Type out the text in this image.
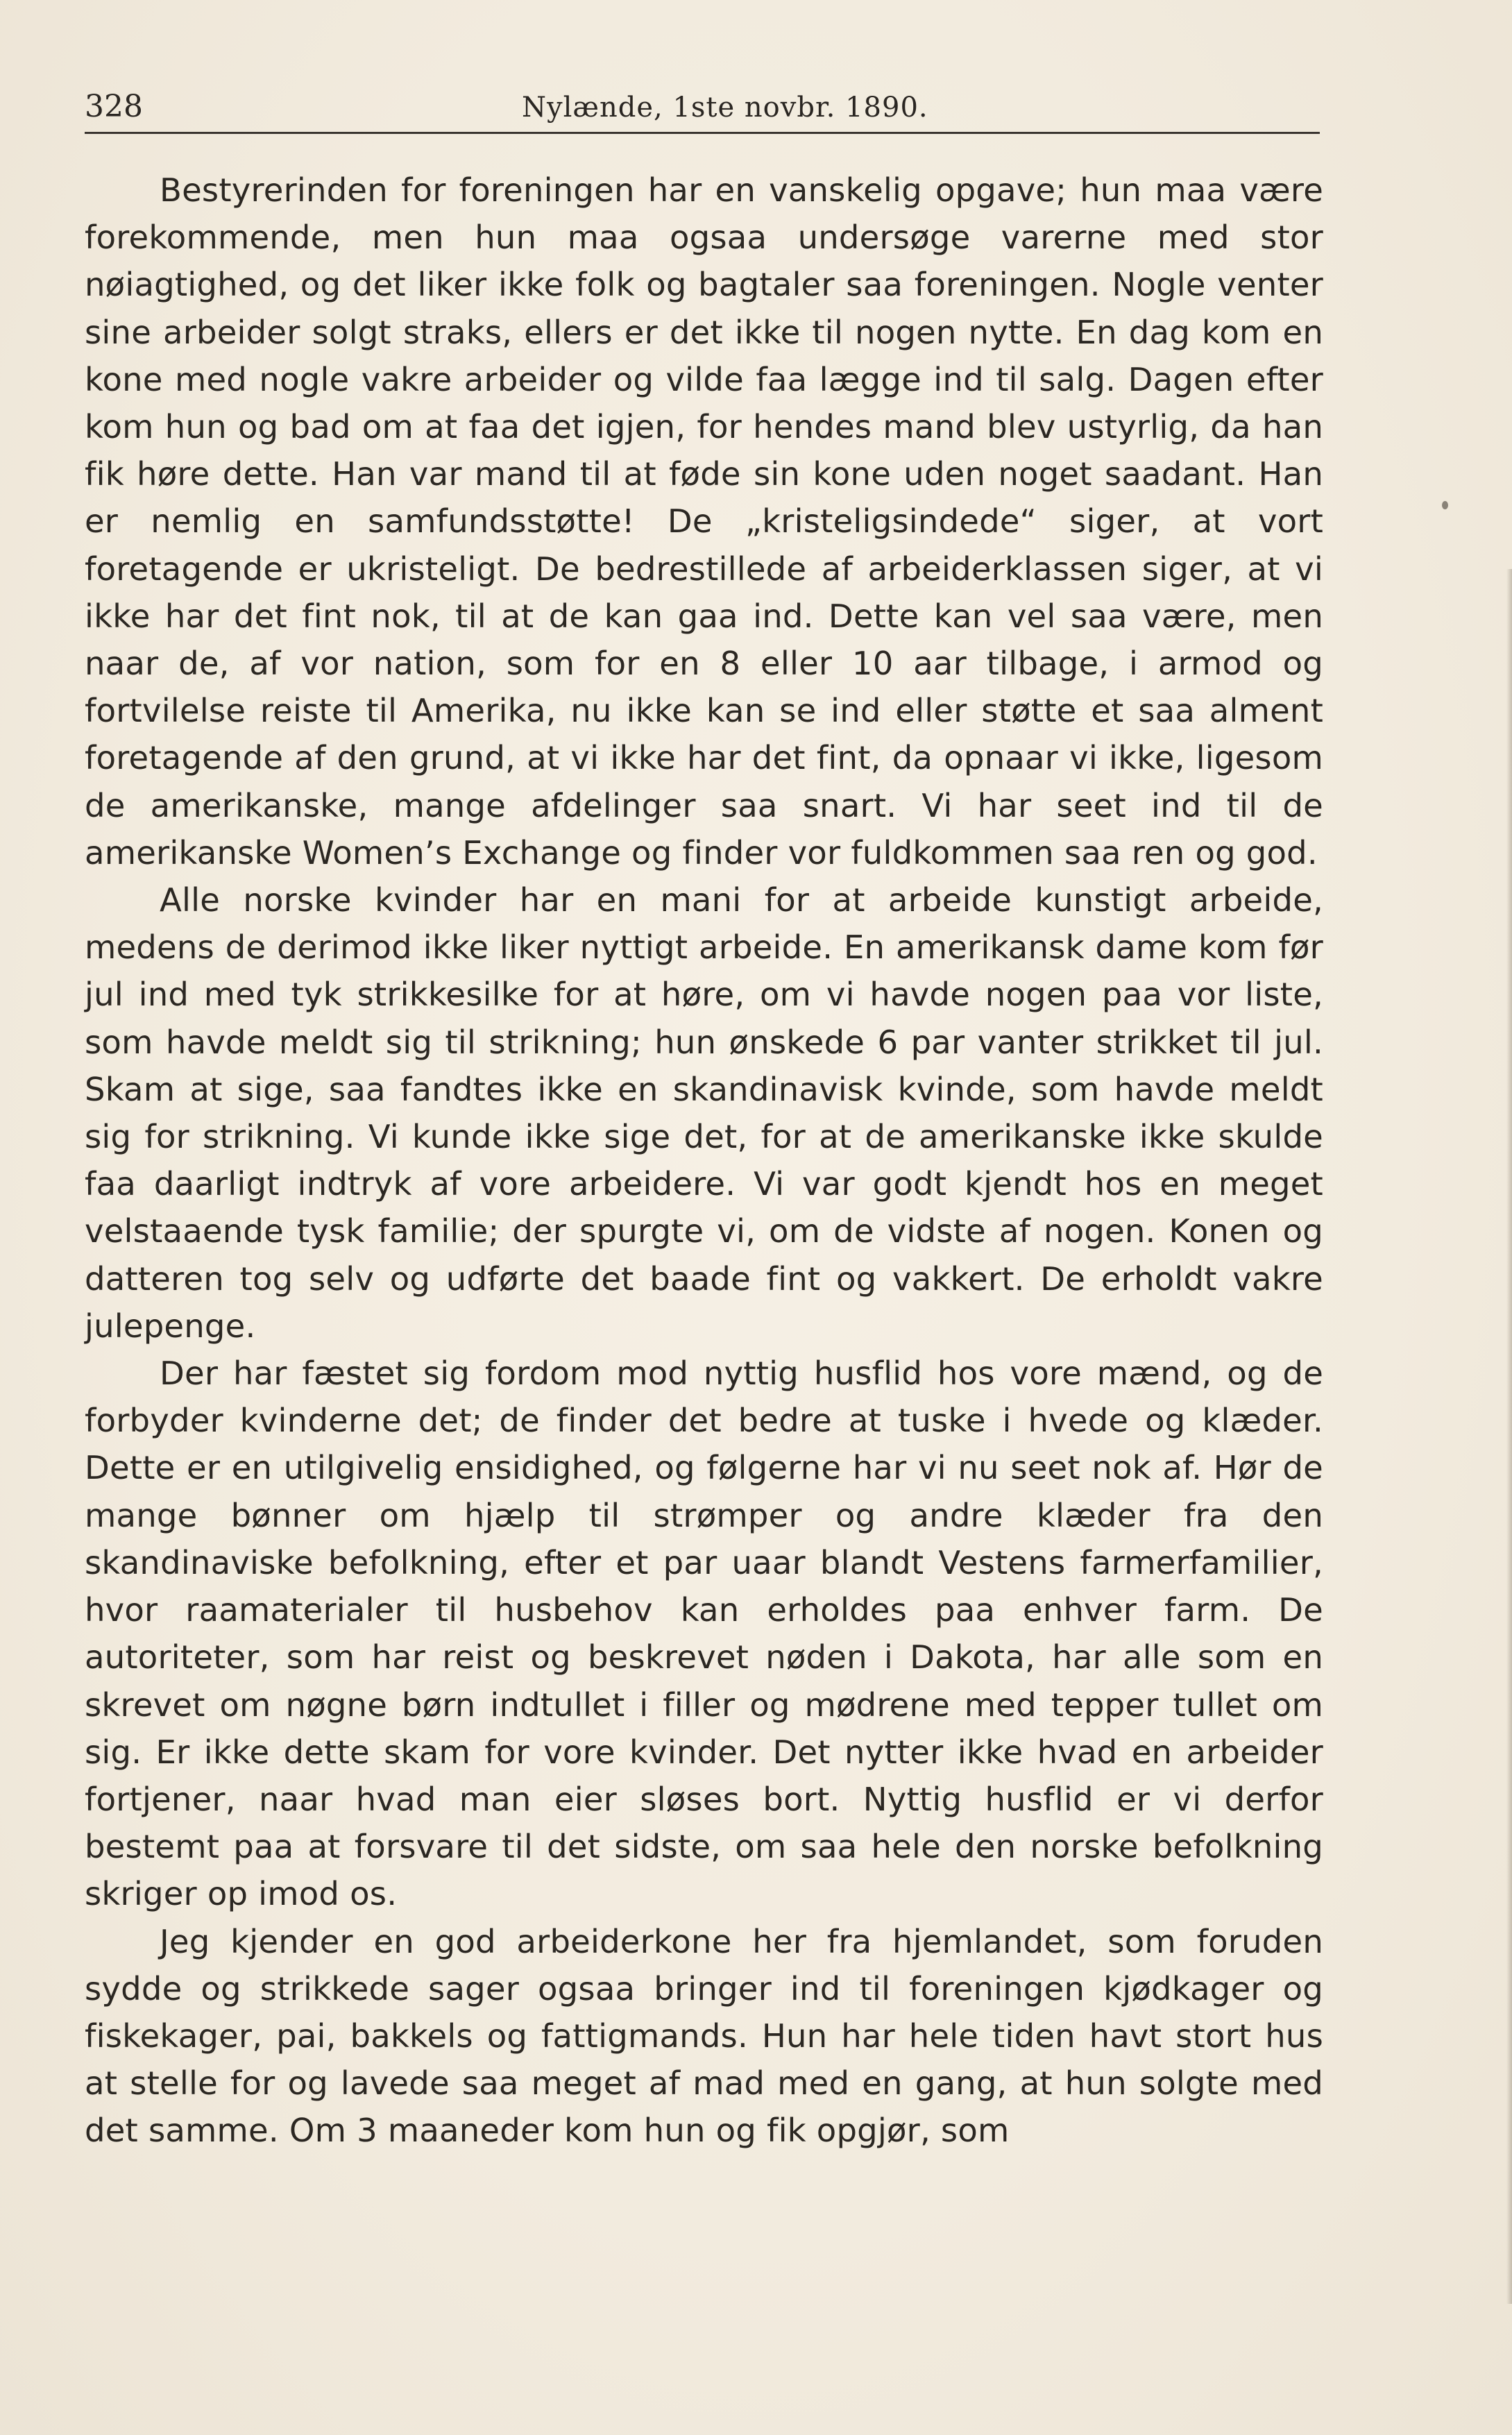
328	Nylænde, 1ste novbr. 1890.

Bestyrerinden for foreningen har en vanskelig opgave; hun maa være forekommende, men hun maa ogsaa undersøge varerne med stor nøiagtighed, og det liker ikke folk og bagtaler saa foreningen. Nogle venter sine arbeider solgt straks, ellers er det ikke til nogen nytte. En dag kom en kone med nogle vakre arbeider og vilde faa lægge ind til salg. Dagen efter kom hun og bad om at faa det igjen, for hendes mand blev ustyrlig, da han fik høre dette. Han var mand til at føde sin kone uden noget saadant. Han er nemlig en samfundsstøtte! De „kristeligsindede“ siger, at vort foretagende er ukristeligt. De bedrestillede af arbeiderklassen siger, at vi ikke har det fint nok, til at de kan gaa ind. Dette kan vel saa være, men naar de, af vor nation, som for en 8 eller 10 aar tilbage, i armod og fortvilelse reiste til Amerika, nu ikke kan se ind eller støtte et saa alment foretagende af den grund, at vi ikke har det fint, da opnaar vi ikke, ligesom de amerikanske, mange afdelinger saa snart. Vi har seet ind til de amerikanske Women’s Exchange og finder vor fuldkommen saa ren og god.

Alle norske kvinder har en mani for at arbeide kunstigt arbeide, medens de derimod ikke liker nyttigt arbeide. En amerikansk dame kom før jul ind med tyk strikkesilke for at høre, om vi havde nogen paa vor liste, som havde meldt sig til strikning; hun ønskede 6 par vanter strikket til jul. Skam at sige, saa fandtes ikke en skandinavisk kvinde, som havde meldt sig for strikning. Vi kunde ikke sige det, for at de amerikanske ikke skulde faa daarligt indtryk af vore arbeidere. Vi var godt kjendt hos en meget velstaaende tysk familie; der spurgte vi, om de vidste af nogen. Konen og datteren tog selv og udførte det baade fint og vakkert. De erholdt vakre julepenge.

Der har fæstet sig fordom mod nyttig husflid hos vore mænd, og de forbyder kvinderne det; de finder det bedre at tuske i hvede og klæder. Dette er en utilgivelig ensidighed, og følgerne har vi nu seet nok af. Hør de mange bønner om hjælp til strømper og andre klæder fra den skandinaviske befolkning, efter et par uaar blandt Vestens farmerfamilier, hvor raamaterialer til husbehov kan erholdes paa enhver farm. De autoriteter, som har reist og beskrevet nøden i Dakota, har alle som en skrevet om nøgne børn indtullet i filler og mødrene med tepper tullet om sig. Er ikke dette skam for vore kvinder. Det nytter ikke hvad en arbeider fortjener, naar hvad man eier sløses bort. Nyttig husflid er vi derfor bestemt paa at forsvare til det sidste, om saa hele den norske befolkning skriger op imod os.

Jeg kjender en god arbeiderkone her fra hjemlandet, som foruden sydde og strikkede sager ogsaa bringer ind til foreningen kjødkager og fiskekager, pai, bakkels og fattigmands. Hun har hele tiden havt stort hus at stelle for og lavede saa meget af mad med en gang, at hun solgte med det samme. Om 3 maaneder kom hun og fik opgjør, som
